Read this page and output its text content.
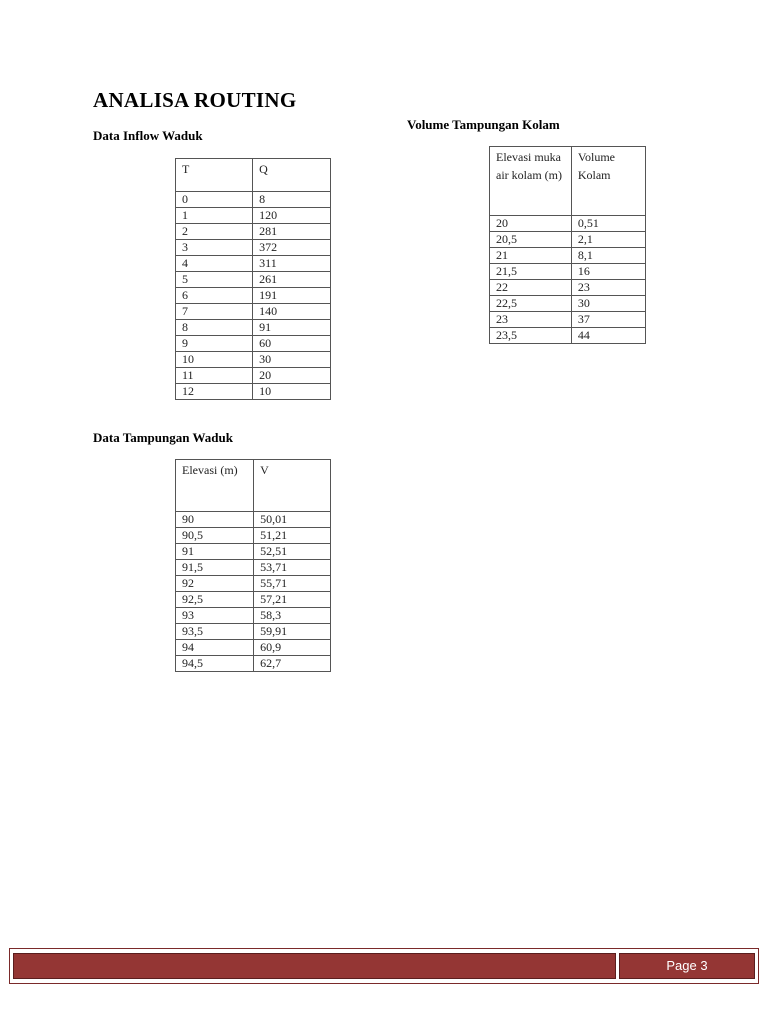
ANALISA ROUTING
Data Inflow Waduk
T	Q
0	8
1	120
2	281
3	372
4	311
5	261
6	191
7	140
8	91
9	60
10	30
11	20
12	10
Data Tampungan Waduk
Elevasi (m)	V
90	50,01
90,5	51,21
91	52,51
91,5	53,71
92	55,71
92,5	57,21
93	58,3
93,5	59,91
94	60,9
94,5	62,7
Volume Tampungan Kolam
Elevasi muka air kolam (m)	Volume Kolam
20	0,51
20,5	2,1
21	8,1
21,5	16
22	23
22,5	30
23	37
23,5	44
Page 3
